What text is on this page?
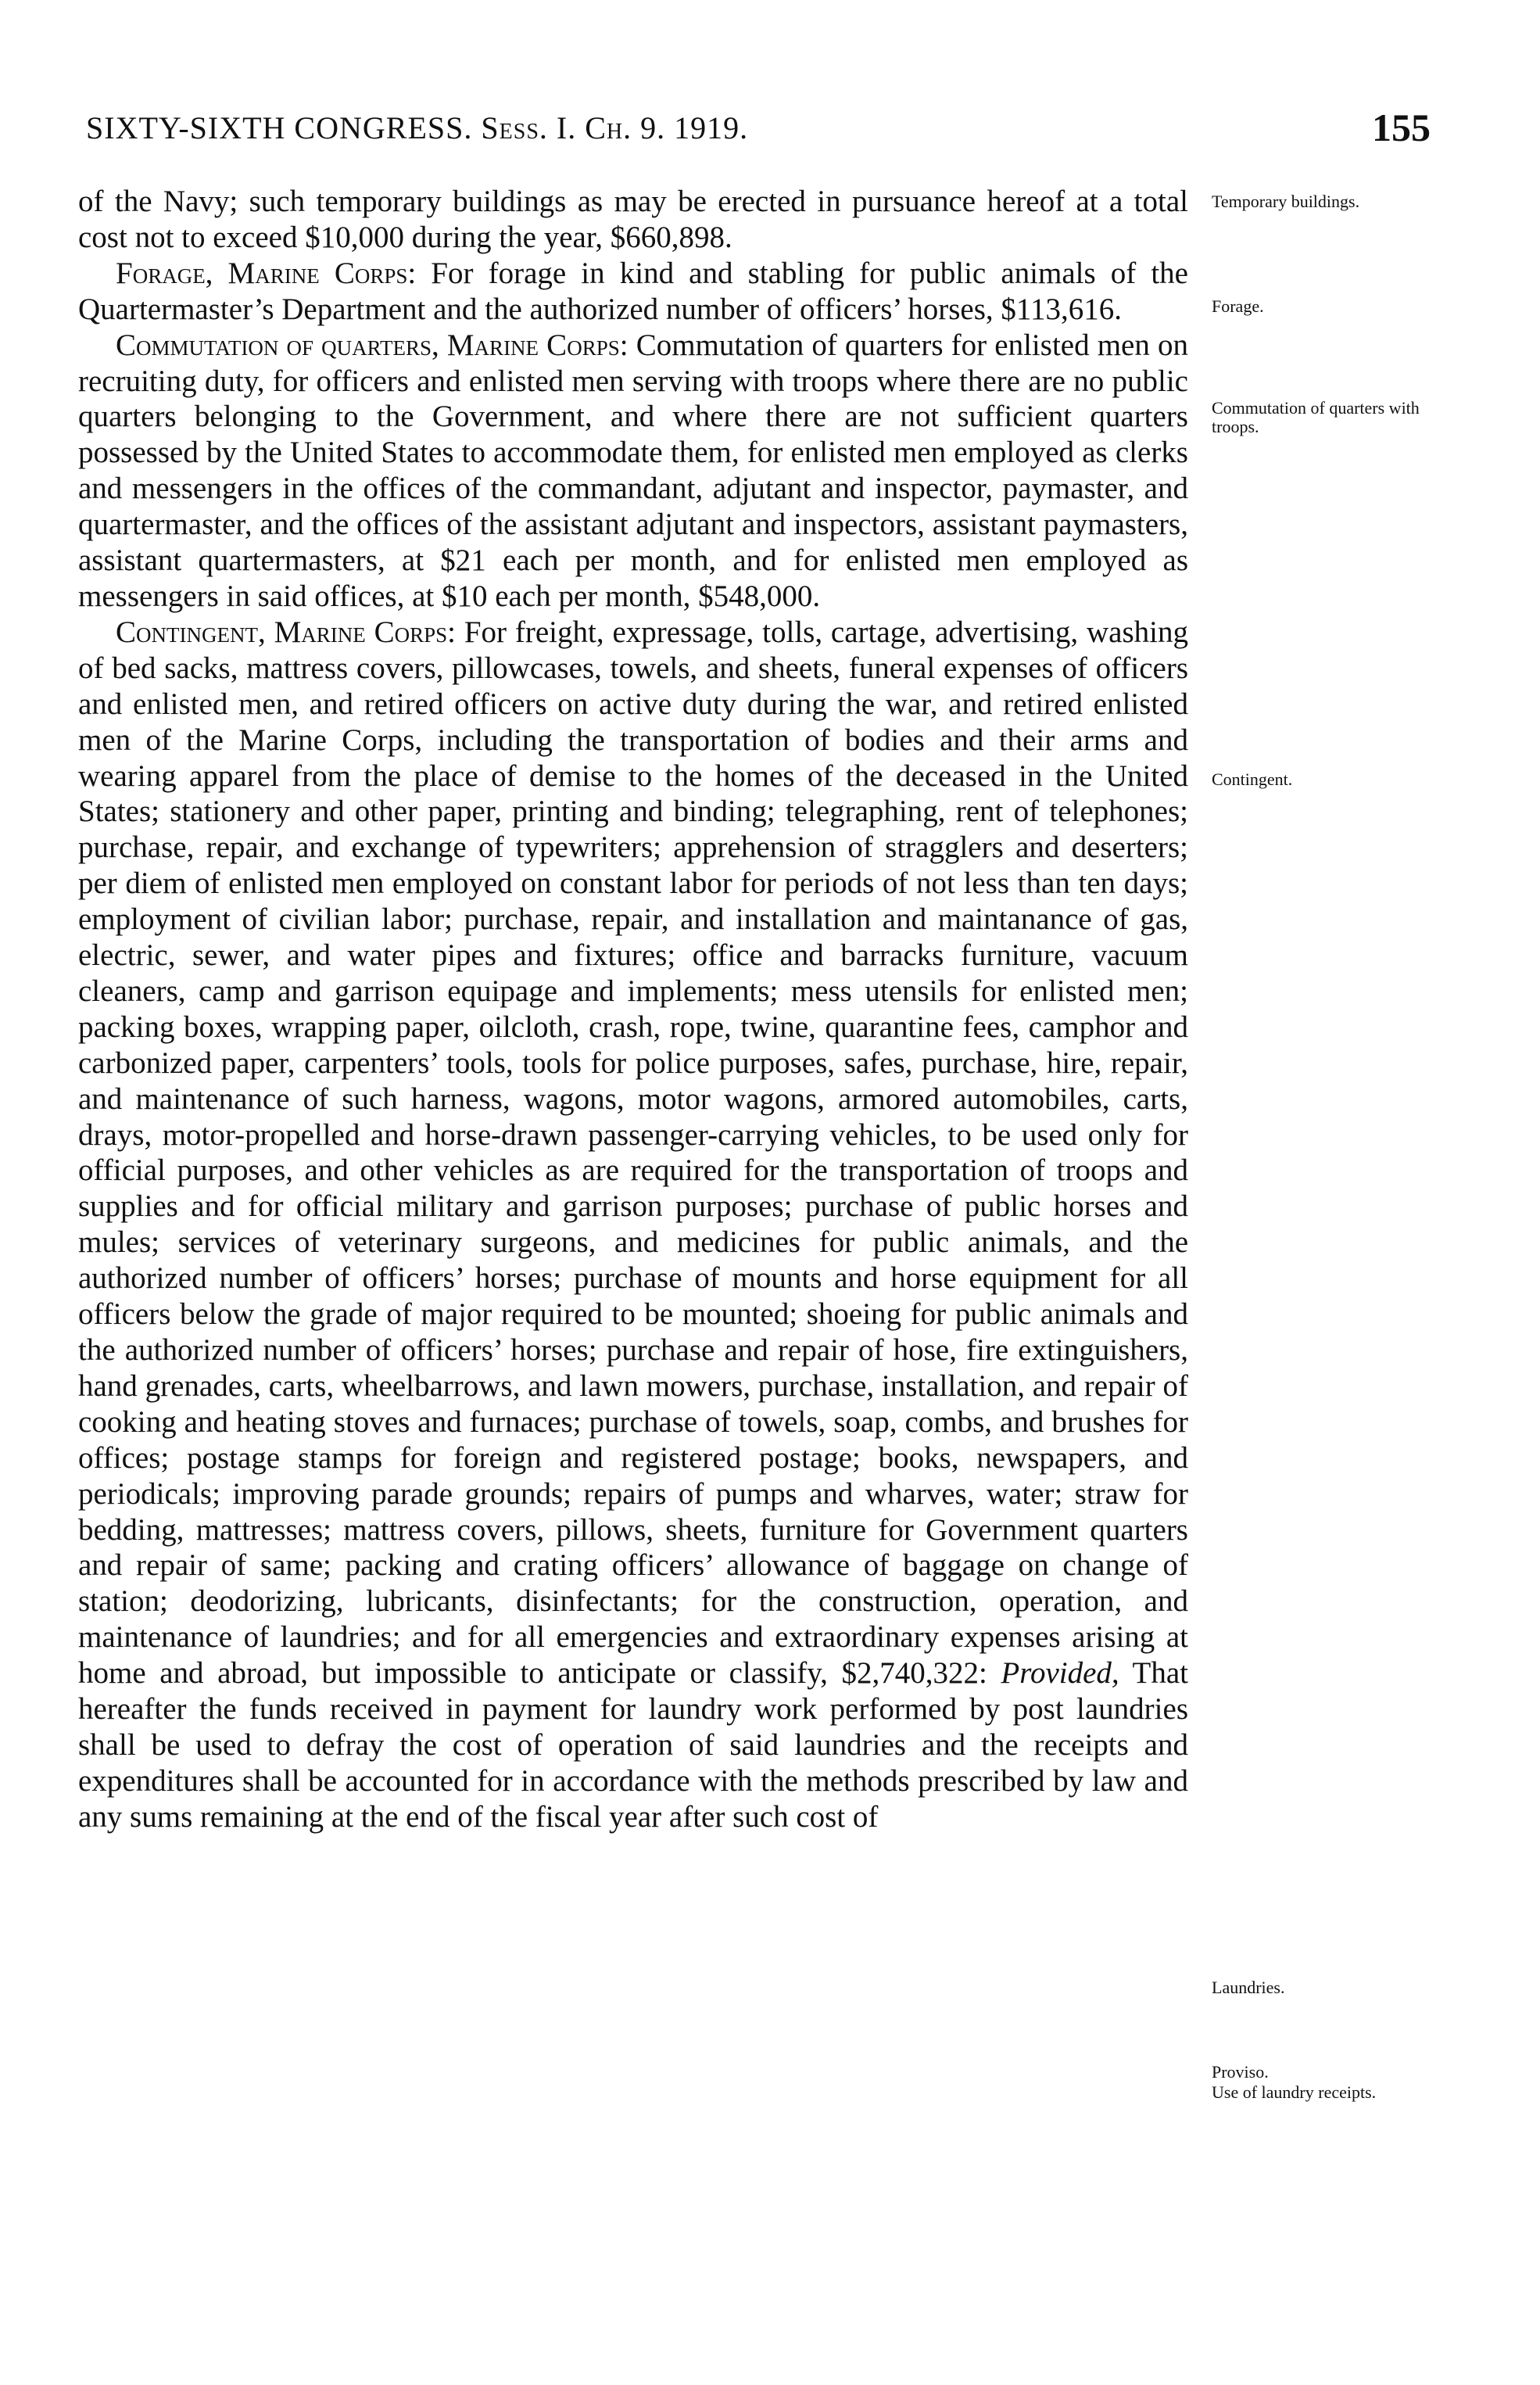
SIXTY-SIXTH CONGRESS. Sess. I. Ch. 9. 1919.	155

of the Navy; such temporary buildings as may be erected in pursuance hereof at a total cost not to exceed $10,000 during the year, $660,898.

Forage, Marine Corps: For forage in kind and stabling for public animals of the Quartermaster’s Department and the authorized number of officers’ horses, $113,616.

Commutation of quarters, Marine Corps: Commutation of quarters for enlisted men on recruiting duty, for officers and enlisted men serving with troops where there are no public quarters belonging to the Government, and where there are not sufficient quarters possessed by the United States to accommodate them, for enlisted men employed as clerks and messengers in the offices of the commandant, adjutant and inspector, paymaster, and quartermaster, and the offices of the assistant adjutant and inspectors, assistant paymasters, assistant quartermasters, at $21 each per month, and for enlisted men employed as messengers in said offices, at $10 each per month, $548,000.

Contingent, Marine Corps: For freight, expressage, tolls, cartage, advertising, washing of bed sacks, mattress covers, pillowcases, towels, and sheets, funeral expenses of officers and enlisted men, and retired officers on active duty during the war, and retired enlisted men of the Marine Corps, including the transportation of bodies and their arms and wearing apparel from the place of demise to the homes of the deceased in the United States; stationery and other paper, printing and binding; telegraphing, rent of telephones; purchase, repair, and exchange of typewriters; apprehension of stragglers and deserters; per diem of enlisted men employed on constant labor for periods of not less than ten days; employment of civilian labor; purchase, repair, and installation and maintanance of gas, electric, sewer, and water pipes and fixtures; office and barracks furniture, vacuum cleaners, camp and garrison equipage and implements; mess utensils for enlisted men; packing boxes, wrapping paper, oilcloth, crash, rope, twine, quarantine fees, camphor and carbonized paper, carpenters’ tools, tools for police purposes, safes, purchase, hire, repair, and maintenance of such harness, wagons, motor wagons, armored automobiles, carts, drays, motor-propelled and horse-drawn passenger-carrying vehicles, to be used only for official purposes, and other vehicles as are required for the transportation of troops and supplies and for official military and garrison purposes; purchase of public horses and mules; services of veterinary surgeons, and medicines for public animals, and the authorized number of officers’ horses; purchase of mounts and horse equipment for all officers below the grade of major required to be mounted; shoeing for public animals and the authorized number of officers’ horses; purchase and repair of hose, fire extinguishers, hand grenades, carts, wheelbarrows, and lawn mowers, purchase, installation, and repair of cooking and heating stoves and furnaces; purchase of towels, soap, combs, and brushes for offices; postage stamps for foreign and registered postage; books, newspapers, and periodicals; improving parade grounds; repairs of pumps and wharves, water; straw for bedding, mattresses; mattress covers, pillows, sheets, furniture for Government quarters and repair of same; packing and crating officers’ allowance of baggage on change of station; deodorizing, lubricants, disinfectants; for the construction, operation, and maintenance of laundries; and for all emergencies and extraordinary expenses arising at home and abroad, but impossible to anticipate or classify, $2,740,322: Provided, That hereafter the funds received in payment for laundry work performed by post laundries shall be used to defray the cost of operation of said laundries and the receipts and expenditures shall be accounted for in accordance with the methods prescribed by law and any sums remaining at the end of the fiscal year after such cost of

Temporary buildings.
Forage.
Commutation of quarters with troops.
Contingent.
Laundries.
Proviso.
Use of laundry receipts.
